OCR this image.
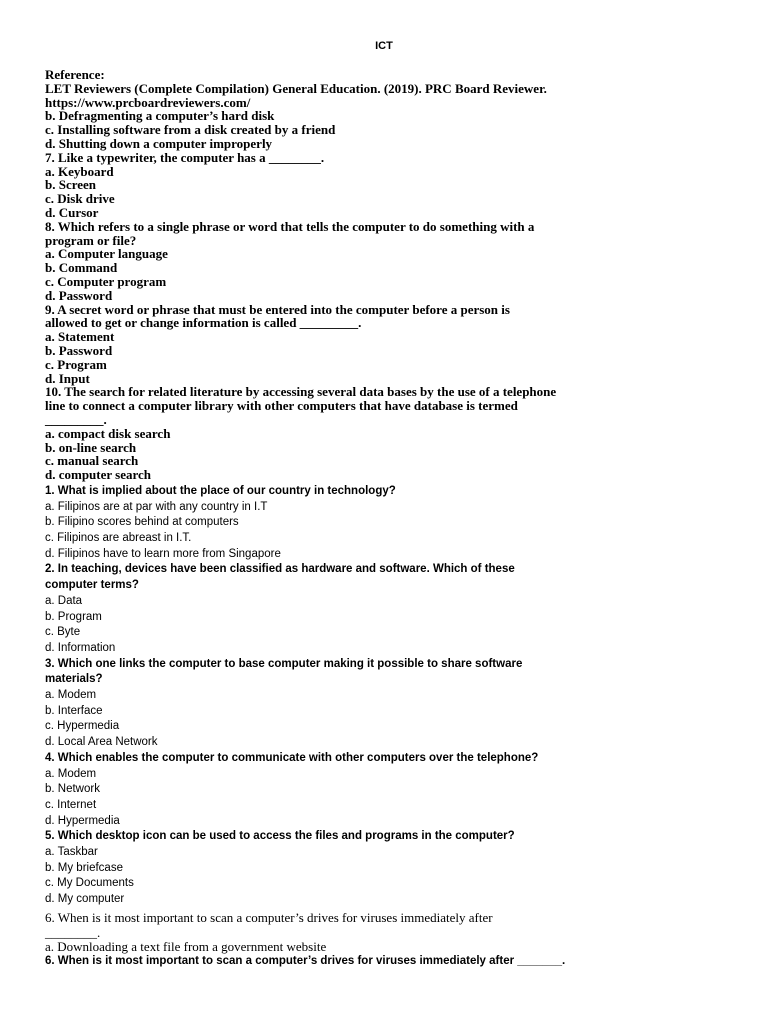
ICT
Reference:
LET Reviewers (Complete Compilation) General Education. (2019). PRC Board Reviewer.
https://www.prcboardreviewers.com/
b. Defragmenting a computer’s hard disk
c. Installing software from a disk created by a friend
d. Shutting down a computer improperly
7. Like a typewriter, the computer has a ________.
a. Keyboard
b. Screen
c. Disk drive
d. Cursor
8. Which refers to a single phrase or word that tells the computer to do something with a
program or file?
a. Computer language
b. Command
c. Computer program
d. Password
9. A secret word or phrase that must be entered into the computer before a person is
allowed to get or change information is called _________.
a. Statement
b. Password
c. Program
d. Input
10. The search for related literature by accessing several data bases by the use of a telephone
line to connect a computer library with other computers that have database is termed
_________.
a. compact disk search
b. on-line search
c. manual search
d. computer search
1. What is implied about the place of our country in technology?
a. Filipinos are at par with any country in I.T
b. Filipino scores behind at computers
c. Filipinos are abreast in I.T.
d. Filipinos have to learn more from Singapore
2. In teaching, devices have been classified as hardware and software. Which of these
computer terms?
a. Data
b. Program
c. Byte
d. Information
3. Which one links the computer to base computer making it possible to share software
materials?
a. Modem
b. Interface
c. Hypermedia
d. Local Area Network
4. Which enables the computer to communicate with other computers over the telephone?
a. Modem
b. Network
c. Internet
d. Hypermedia
5. Which desktop icon can be used to access the files and programs in the computer?
a. Taskbar
b. My briefcase
c. My Documents
d. My computer
6. When is it most important to scan a computer’s drives for viruses immediately after
________.
a. Downloading a text file from a government website
6. When is it most important to scan a computer’s drives for viruses immediately after _______.
